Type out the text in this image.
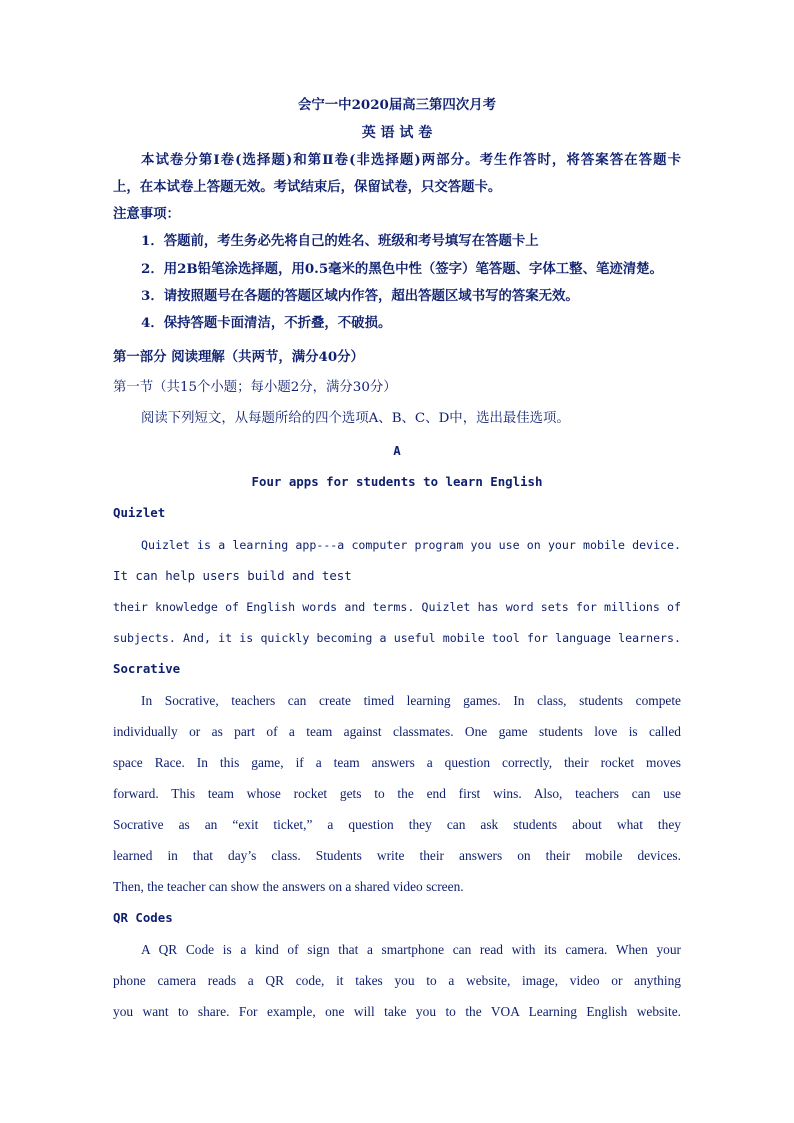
会宁一中2020届高三第四次月考
英 语 试 卷
本试卷分第Ⅰ卷(选择题)和第Ⅱ卷(非选择题)两部分。考生作答时，将答案答在答题卡
上，在本试卷上答题无效。考试结束后，保留试卷，只交答题卡。
注意事项：
1．答题前，考生务必先将自己的姓名、班级和考号填写在答题卡上
2．用2B铅笔涂选择题，用0.5毫米的黑色中性（签字）笔答题、字体工整、笔迹清楚。
3．请按照题号在各题的答题区域内作答，超出答题区域书写的答案无效。
4．保持答题卡面清洁，不折叠，不破损。
第一部分 阅读理解（共两节，满分40分）
第一节（共15个小题；每小题2分，满分30分）
阅读下列短文，从每题所给的四个选项A、B、C、D中，选出最佳选项。
A
Four apps for students to learn English
Quizlet
Quizlet is a learning app---a computer program you use on your mobile device.
It can help users build and test
their knowledge of English words and terms. Quizlet has word sets for millions of
subjects. And, it is quickly becoming a useful mobile tool for language learners.
Socrative
In Socrative, teachers can create timed learning games. In class, students compete
individually or as part of a team against classmates. One game students love is called
space Race. In this game, if a team answers a question correctly, their rocket moves
forward. This team whose rocket gets to the end first wins. Also, teachers can use
Socrative as an “exit ticket,” a question they can ask students about what they
learned in that day’s class. Students write their answers on their mobile devices.
Then, the teacher can show the answers on a shared video screen.
QR Codes
A QR Code is a kind of sign that a smartphone can read with its camera. When your
phone camera reads a QR code, it takes you to a website, image, video or anything
you want to share. For example, one will take you to the VOA Learning English website.
